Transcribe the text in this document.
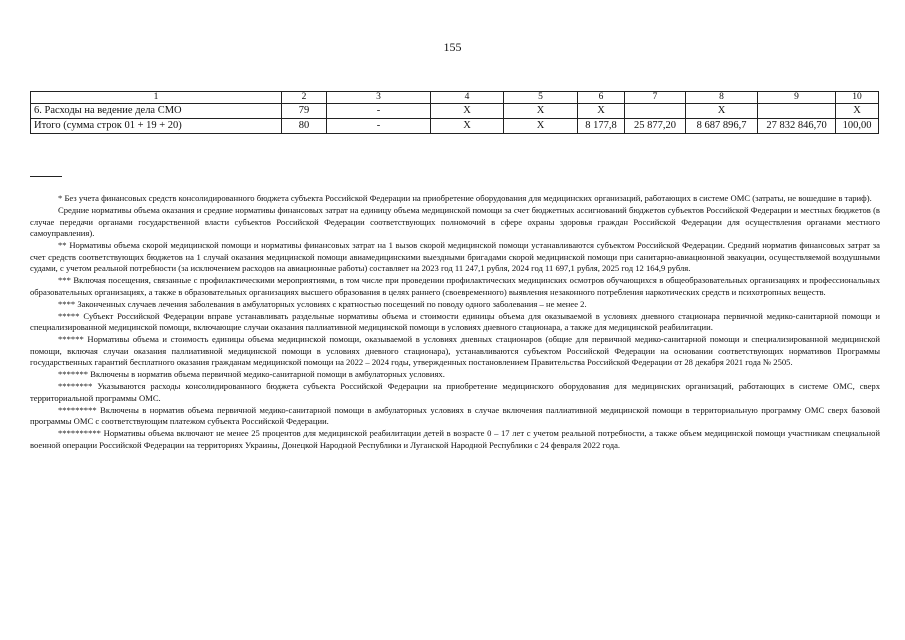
155
1	2	3	4	5	6	7	8	9	10
6. Расходы на ведение дела СМО	79	-	X	X	X		X		X
Итого (сумма строк 01 + 19 + 20)	80	-	X	X	8 177,8	25 877,20	8 687 896,7	27 832 846,70	100,00

* Без учета финансовых средств консолидированного бюджета субъекта Российской Федерации на приобретение оборудования для медицинских организаций, работающих в системе ОМС (затраты, не вошедшие в тариф).

Средние нормативы объема оказания и средние нормативы финансовых затрат на единицу объема медицинской помощи за счет бюджетных ассигнований бюджетов субъектов Российской Федерации и местных бюджетов (в случае передачи органами государственной власти субъектов Российской Федерации соответствующих полномочий в сфере охраны здоровья граждан Российской Федерации для осуществления органами местного самоуправления).

** Нормативы объема скорой медицинской помощи и нормативы финансовых затрат на 1 вызов скорой медицинской помощи устанавливаются субъектом Российской Федерации. Средний норматив финансовых затрат за счет средств соответствующих бюджетов на 1 случай оказания медицинской помощи авиамедицинскими выездными бригадами скорой медицинской помощи при санитарно-авиационной эвакуации, осуществляемой воздушными судами, с учетом реальной потребности (за исключением расходов на авиационные работы) составляет на 2023 год 11 247,1 рубля, 2024 год 11 697,1 рубля, 2025 год 12 164,9 рубля.

*** Включая посещения, связанные с профилактическими мероприятиями, в том числе при проведении профилактических медицинских осмотров обучающихся в общеобразовательных организациях и профессиональных образовательных организациях, а также в образовательных организациях высшего образования в целях раннего (своевременного) выявления незаконного потребления наркотических средств и психотропных веществ.

**** Законченных случаев лечения заболевания в амбулаторных условиях с кратностью посещений по поводу одного заболевания – не менее 2.

***** Субъект Российской Федерации вправе устанавливать раздельные нормативы объема и стоимости единицы объема для оказываемой в условиях дневного стационара первичной медико-санитарной помощи и специализированной медицинской помощи, включающие случаи оказания паллиативной медицинской помощи в условиях дневного стационара, а также для медицинской реабилитации.

****** Нормативы объема и стоимость единицы объема медицинской помощи, оказываемой в условиях дневных стационаров (общие для первичной медико-санитарной помощи и специализированной медицинской помощи, включая случаи оказания паллиативной медицинской помощи в условиях дневного стационара), устанавливаются субъектом Российской Федерации на основании соответствующих нормативов Программы государственных гарантий бесплатного оказания гражданам медицинской помощи на 2022 – 2024 годы, утвержденных постановлением Правительства Российской Федерации от 28 декабря 2021 года № 2505.

******* Включены в норматив объема первичной медико-санитарной помощи в амбулаторных условиях.

******** Указываются расходы консолидированного бюджета субъекта Российской Федерации на приобретение медицинского оборудования для медицинских организаций, работающих в системе ОМС, сверх территориальной программы ОМС.

********* Включены в норматив объема первичной медико-санитарной помощи в амбулаторных условиях в случае включения паллиативной медицинской помощи в территориальную программу ОМС сверх базовой программы ОМС с соответствующим платежом субъекта Российской Федерации.

********** Нормативы объема включают не менее 25 процентов для медицинской реабилитации детей в возрасте 0 – 17 лет с учетом реальной потребности, а также объем медицинской помощи участникам специальной военной операции Российской Федерации на территориях Украины, Донецкой Народной Республики и Луганской Народной Республики с 24 февраля 2022 года.
